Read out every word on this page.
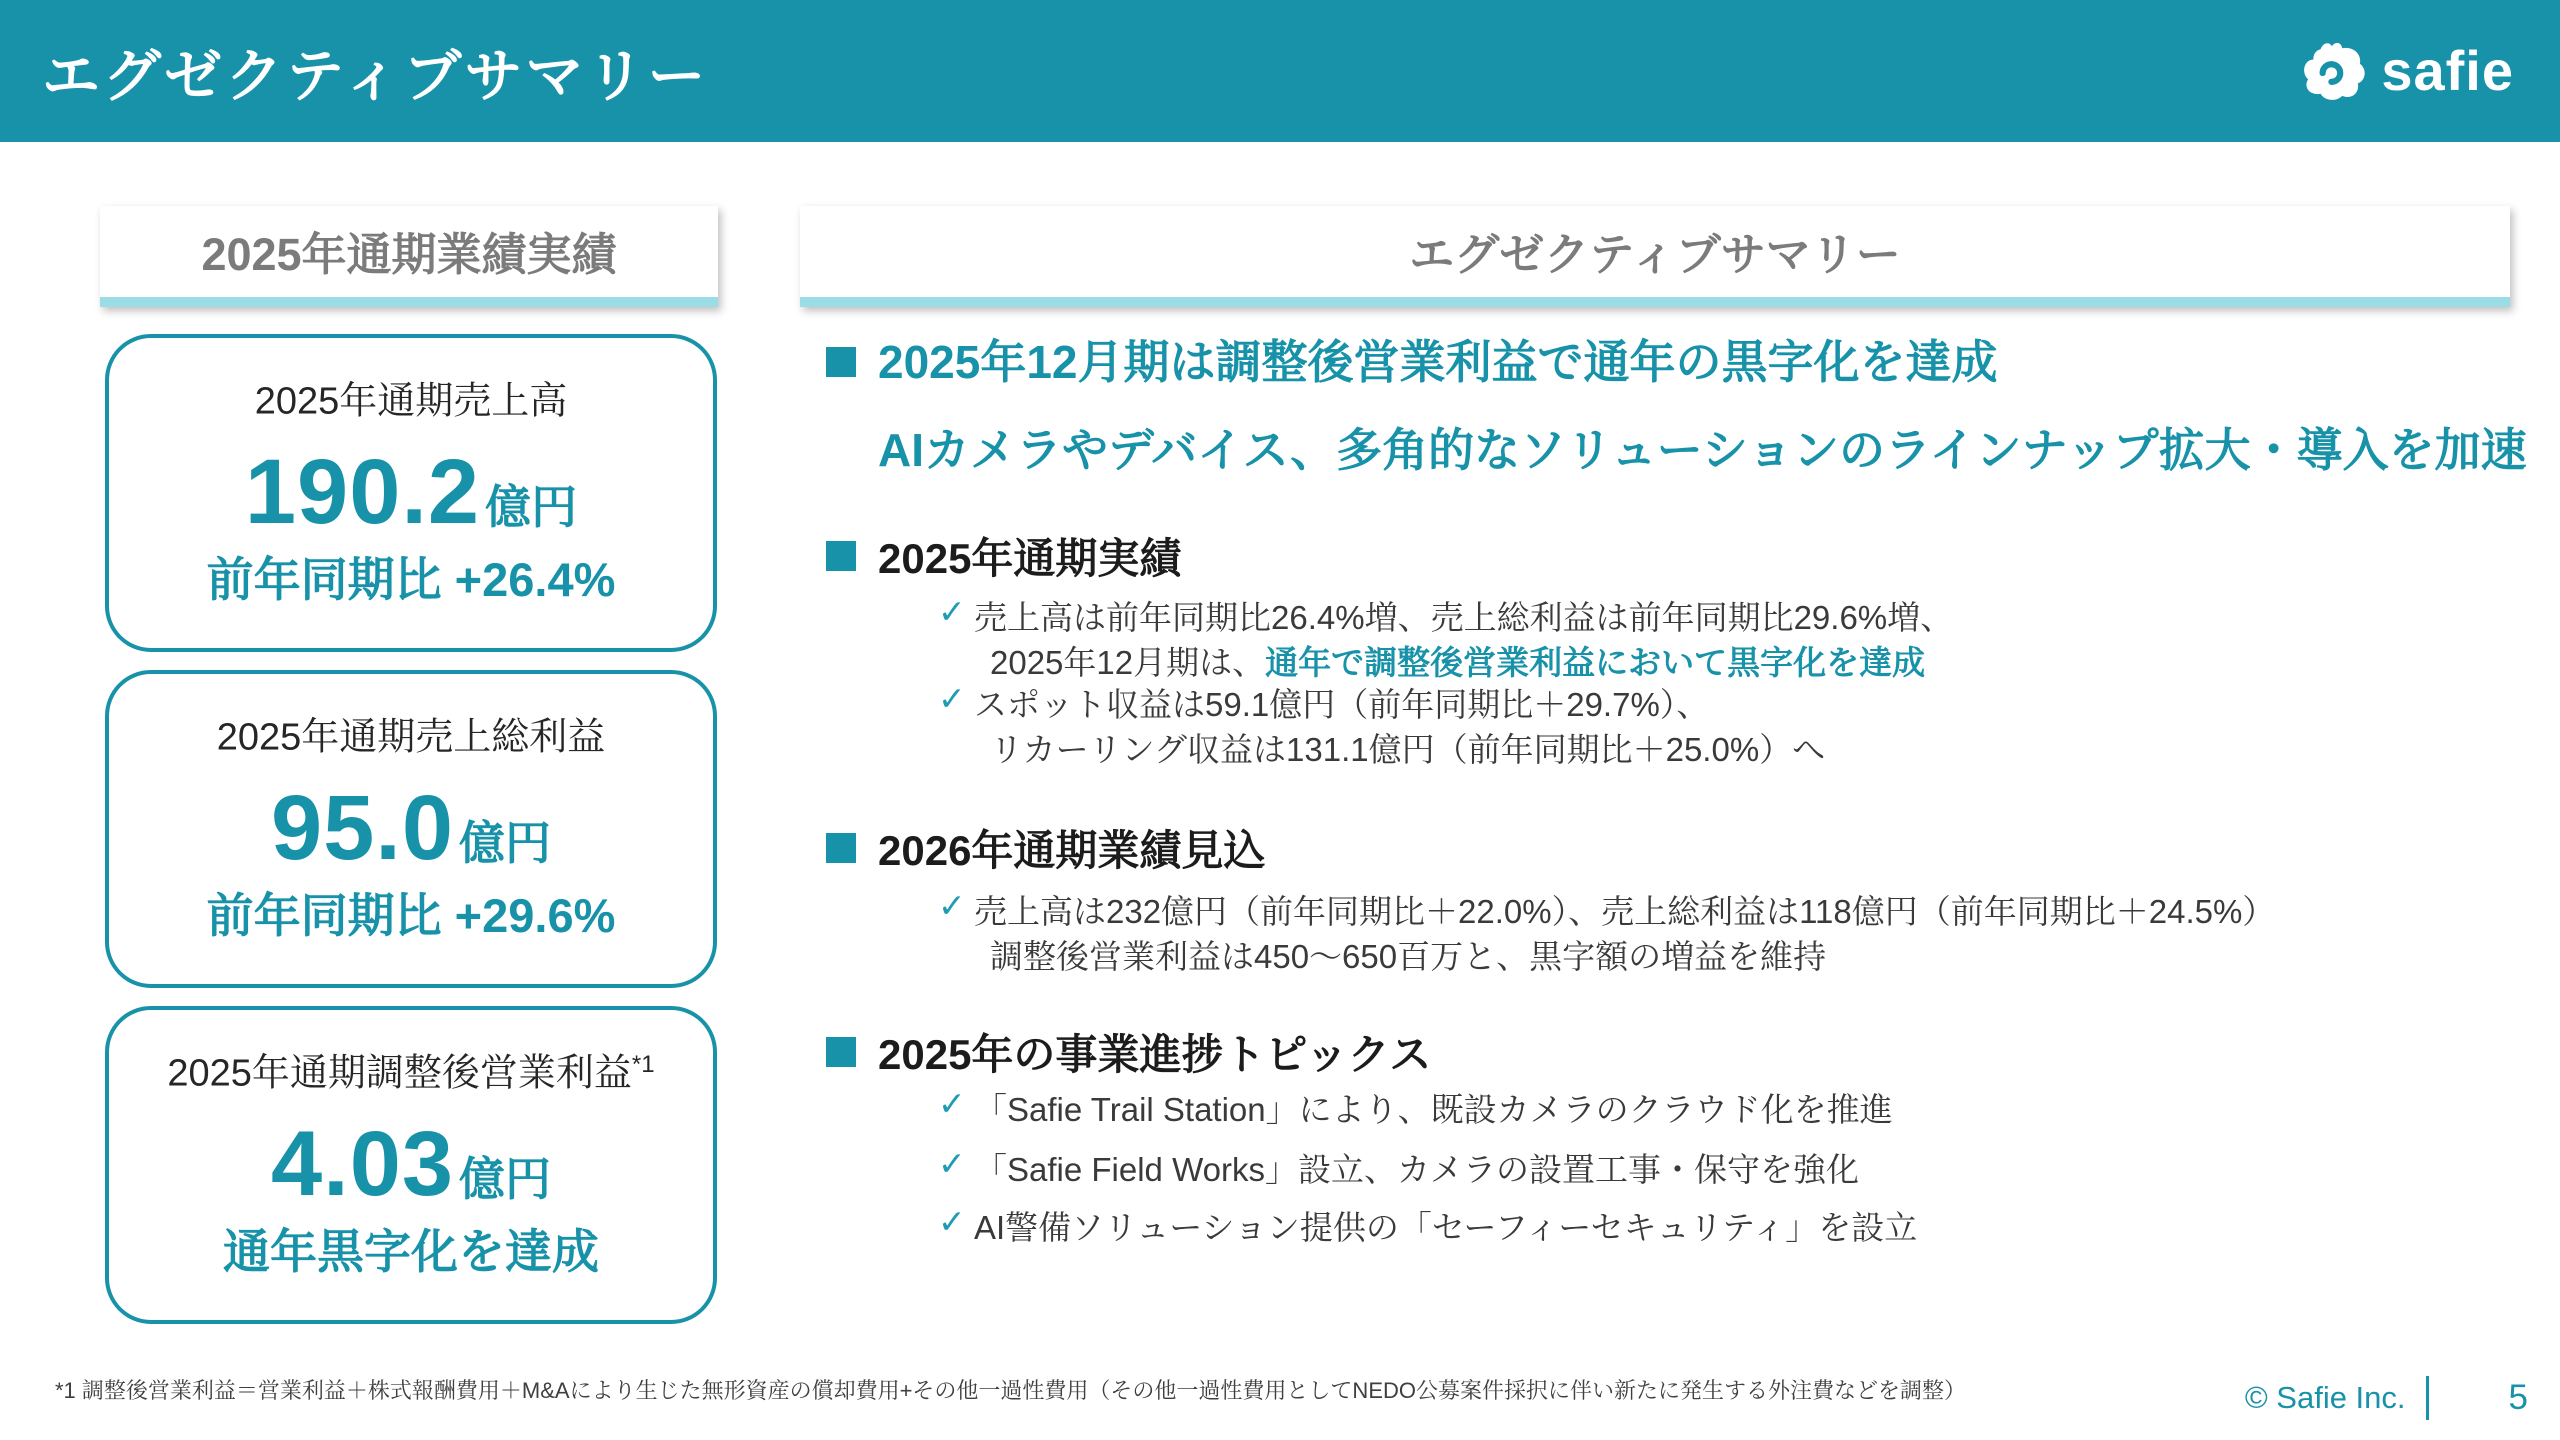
エグゼクティブサマリー	safie
2025年通期業績実績
2025年通期売上高
190.2 億円
前年同期比 +26.4%
2025年通期売上総利益
95.0 億円
前年同期比 +29.6%
2025年通期調整後営業利益$^{*1}$
4.03 億円
通年黒字化を達成
エグゼクティブサマリー
2025年12月期は調整後営業利益で通年の黒字化を達成
AIカメラやデバイス、多角的なソリューションのラインナップ拡大・導入を加速
2025年通期実績
✓ 売上高は前年同期比26.4%増、売上総利益は前年同期比29.6%増、
2025年12月期は、通年で調整後営業利益において黒字化を達成
✓ スポット収益は59.1億円（前年同期比＋29.7%）、
リカーリング収益は131.1億円（前年同期比＋25.0%）へ
2026年通期業績見込
✓ 売上高は232億円（前年同期比＋22.0%）、売上総利益は118億円（前年同期比＋24.5%）
調整後営業利益は450〜650百万と、黒字額の増益を維持
2025年の事業進捗トピックス
✓ 「Safie Trail Station」により、既設カメラのクラウド化を推進
✓ 「Safie Field Works」設立、カメラの設置工事・保守を強化
✓ AI警備ソリューション提供の「セーフィーセキュリティ」を設立
*1 調整後営業利益＝営業利益＋株式報酬費用＋M&Aにより生じた無形資産の償却費用+その他一過性費用（その他一過性費用としてNEDO公募案件採択に伴い新たに発生する外注費などを調整）	© Safie Inc.	5
